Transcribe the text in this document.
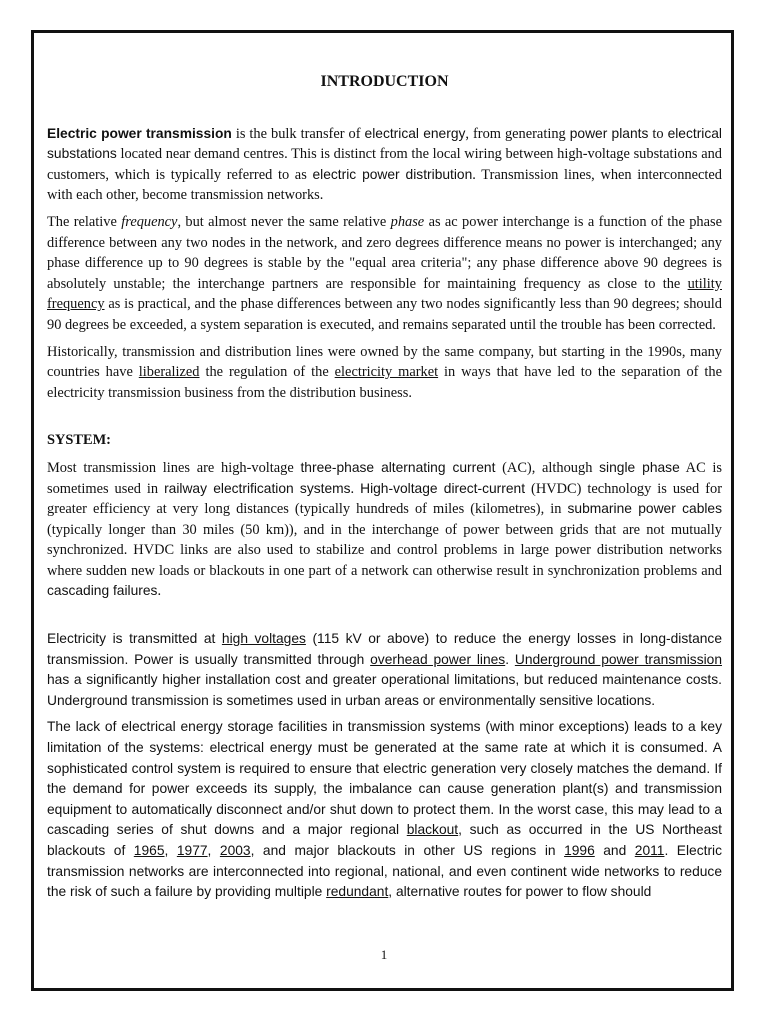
INTRODUCTION

Electric power transmission is the bulk transfer of electrical energy, from generating power plants to electrical substations located near demand centres. This is distinct from the local wiring between high-voltage substations and customers, which is typically referred to as electric power distribution. Transmission lines, when interconnected with each other, become transmission networks.

The relative frequency, but almost never the same relative phase as ac power interchange is a function of the phase difference between any two nodes in the network, and zero degrees difference means no power is interchanged; any phase difference up to 90 degrees is stable by the "equal area criteria"; any phase difference above 90 degrees is absolutely unstable; the interchange partners are responsible for maintaining frequency as close to the utility frequency as is practical, and the phase differences between any two nodes significantly less than 90 degrees; should 90 degrees be exceeded, a system separation is executed, and remains separated until the trouble has been corrected.

Historically, transmission and distribution lines were owned by the same company, but starting in the 1990s, many countries have liberalized the regulation of the electricity market in ways that have led to the separation of the electricity transmission business from the distribution business.

SYSTEM:

Most transmission lines are high-voltage three-phase alternating current (AC), although single phase AC is sometimes used in railway electrification systems. High-voltage direct-current (HVDC) technology is used for greater efficiency at very long distances (typically hundreds of miles (kilometres), in submarine power cables (typically longer than 30 miles (50 km)), and in the interchange of power between grids that are not mutually synchronized. HVDC links are also used to stabilize and control problems in large power distribution networks where sudden new loads or blackouts in one part of a network can otherwise result in synchronization problems and cascading failures.

Electricity is transmitted at high voltages (115 kV or above) to reduce the energy losses in long-distance transmission. Power is usually transmitted through overhead power lines. Underground power transmission has a significantly higher installation cost and greater operational limitations, but reduced maintenance costs. Underground transmission is sometimes used in urban areas or environmentally sensitive locations.

The lack of electrical energy storage facilities in transmission systems (with minor exceptions) leads to a key limitation of the systems: electrical energy must be generated at the same rate at which it is consumed. A sophisticated control system is required to ensure that electric generation very closely matches the demand. If the demand for power exceeds its supply, the imbalance can cause generation plant(s) and transmission equipment to automatically disconnect and/or shut down to protect them. In the worst case, this may lead to a cascading series of shut downs and a major regional blackout, such as occurred in the US Northeast blackouts of 1965, 1977, 2003, and major blackouts in other US regions in 1996 and 2011. Electric transmission networks are interconnected into regional, national, and even continent wide networks to reduce the risk of such a failure by providing multiple redundant, alternative routes for power to flow should

1
